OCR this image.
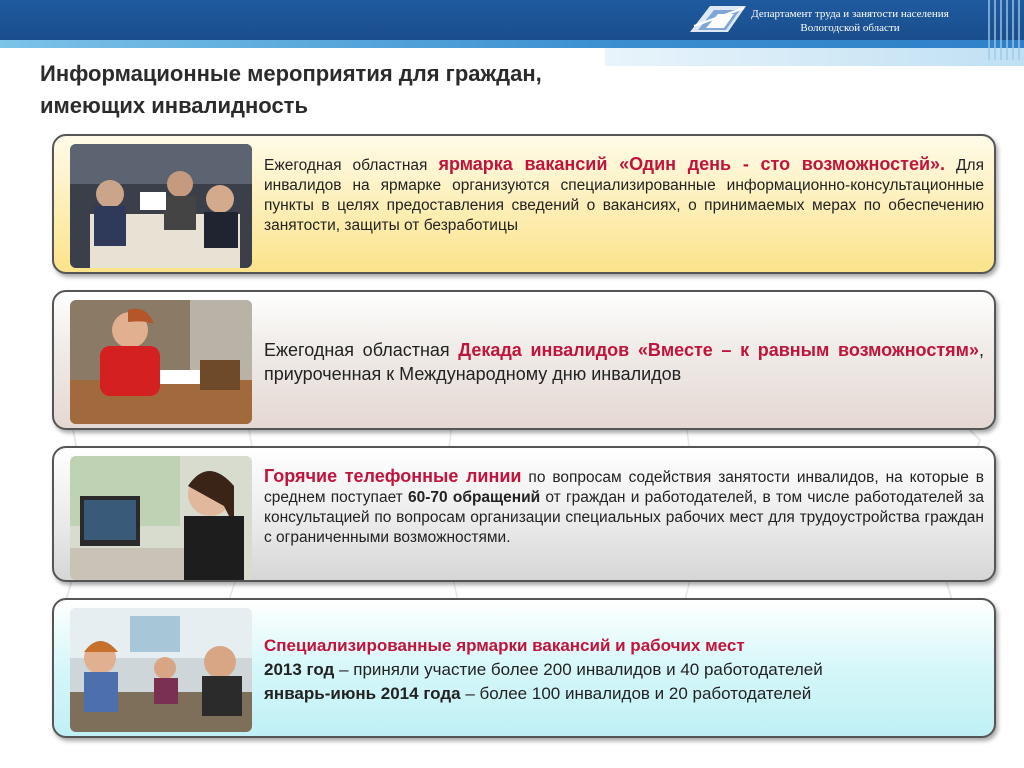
Департамент труда и занятости населения
Вологодской области
Информационные мероприятия для граждан,
имеющих инвалидность
Ежегодная областная ярмарка вакансий «Один день - сто возможностей». Для инвалидов на ярмарке организуются специализированные информационно-консультационные пункты в целях предоставления сведений о вакансиях, о принимаемых мерах по обеспечению занятости, защиты от безработицы
Ежегодная областная Декада инвалидов «Вместе – к равным возможностям», приуроченная к Международному дню инвалидов
Горячие телефонные линии по вопросам содействия занятости инвалидов, на которые в среднем поступает 60-70 обращений от граждан и работодателей, в том числе работодателей за консультацией по вопросам организации специальных рабочих мест для трудоустройства граждан с ограниченными возможностями.
Специализированные ярмарки вакансий и рабочих мест
2013 год – приняли участие более 200 инвалидов и 40 работодателей
январь-июнь 2014 года – более 100 инвалидов и 20 работодателей
